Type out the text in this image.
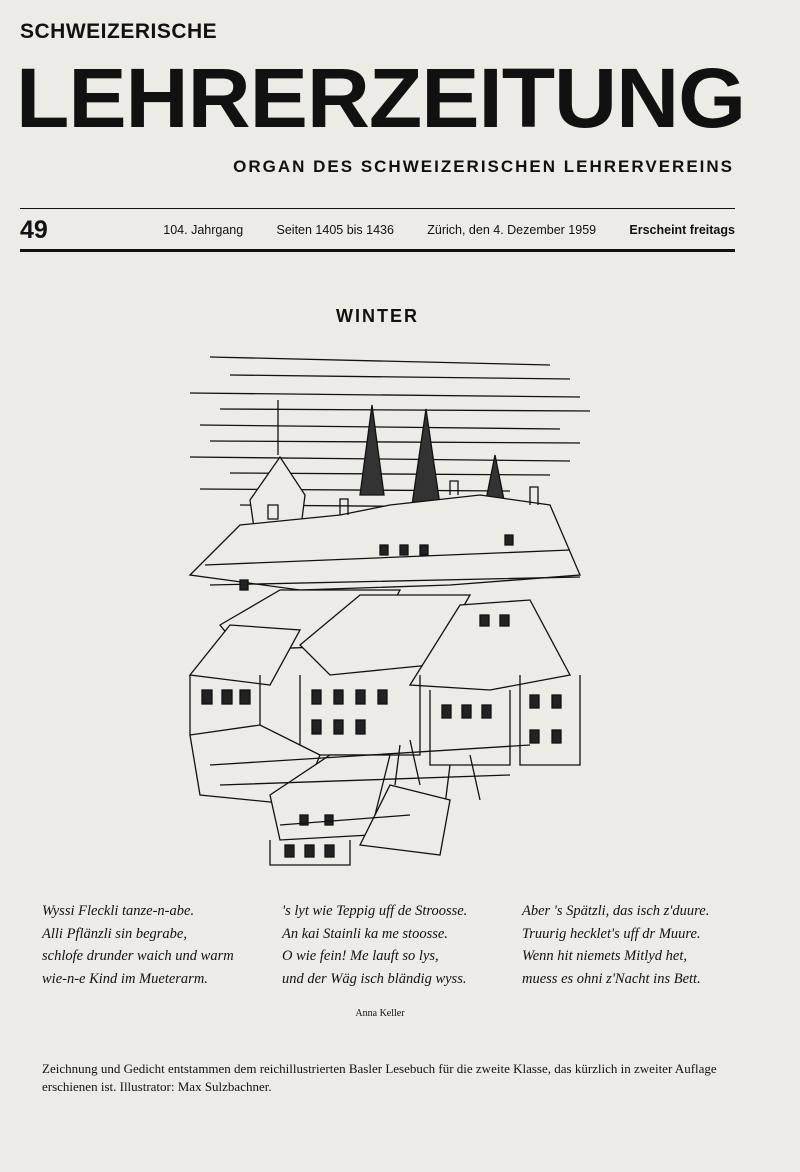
SCHWEIZERISCHE
LEHRERZEITUNG
ORGAN DES SCHWEIZERISCHEN LEHRERVEREINS
49	104. Jahrgang	Seiten 1405 bis 1436	Zürich, den 4. Dezember 1959	Erscheint freitags
WINTER
Wyssi Fleckli tanze-n-abe.
Alli Pflänzli sin begrabe,
schlofe drunder waich und warm
wie-n-e Kind im Mueterarm.
's lyt wie Teppig uff de Stroosse.
An kai Stainli ka me stoosse.
O wie fein! Me lauft so lys,
und der Wäg isch bländig wyss.
Aber 's Spätzli, das isch z'duure.
Truurig hecklet's uff dr Muure.
Wenn hit niemets Mitlyd het,
muess es ohni z'Nacht ins Bett.
Anna Keller
Zeichnung und Gedicht entstammen dem reichillustrierten Basler Lesebuch für die zweite Klasse, das kürzlich in zweiter Auflage erschienen ist. Illustrator: Max Sulzbachner.
